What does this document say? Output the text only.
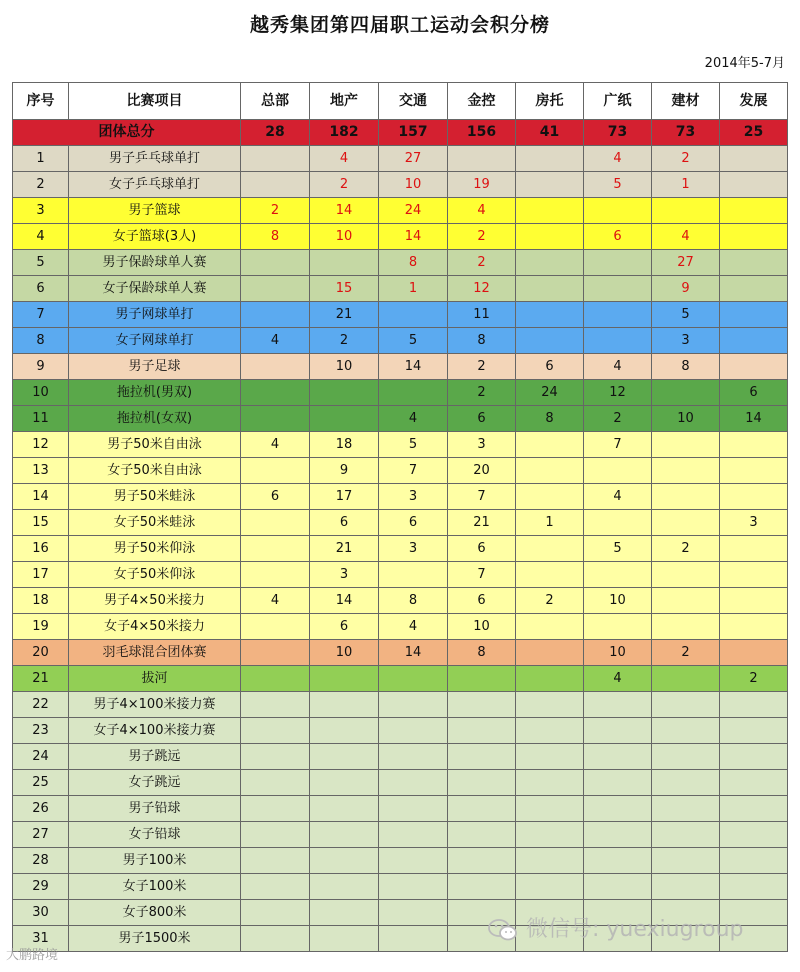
越秀集团第四届职工运动会积分榜
2014年5-7月
序号	比赛项目	总部	地产	交通	金控	房托	广纸	建材	发展
团体总分		28	182	157	156	41	73	73	25
1	男子乒乓球单打		4	27			4	2	
2	女子乒乓球单打		2	10	19		5	1	
3	男子篮球	2	14	24	4				
4	女子篮球(3人)	8	10	14	2		6	4	
5	男子保龄球单人赛			8	2			27	
6	女子保龄球单人赛		15	1	12			9	
7	男子网球单打		21		11			5	
8	女子网球单打	4	2	5	8			3	
9	男子足球		10	14	2	6	4	8	
10	拖拉机(男双)				2	24	12		6
11	拖拉机(女双)			4	6	8	2	10	14
12	男子50米自由泳	4	18	5	3		7		
13	女子50米自由泳		9	7	20				
14	男子50米蛙泳	6	17	3	7		4		
15	女子50米蛙泳		6	6	21	1			3
16	男子50米仰泳		21	3	6		5	2	
17	女子50米仰泳		3		7				
18	男子4×50米接力	4	14	8	6	2	10		
19	女子4×50米接力		6	4	10				
20	羽毛球混合团体赛		10	14	8		10	2	
21	拔河						4		2
22	男子4×100米接力赛								
23	女子4×100米接力赛								
24	男子跳远								
25	女子跳远								
26	男子铅球								
27	女子铅球								
28	男子100米								
29	女子100米								
30	女子800米								
31	男子1500米									微信号: yuexiugroup
大鹏路境
